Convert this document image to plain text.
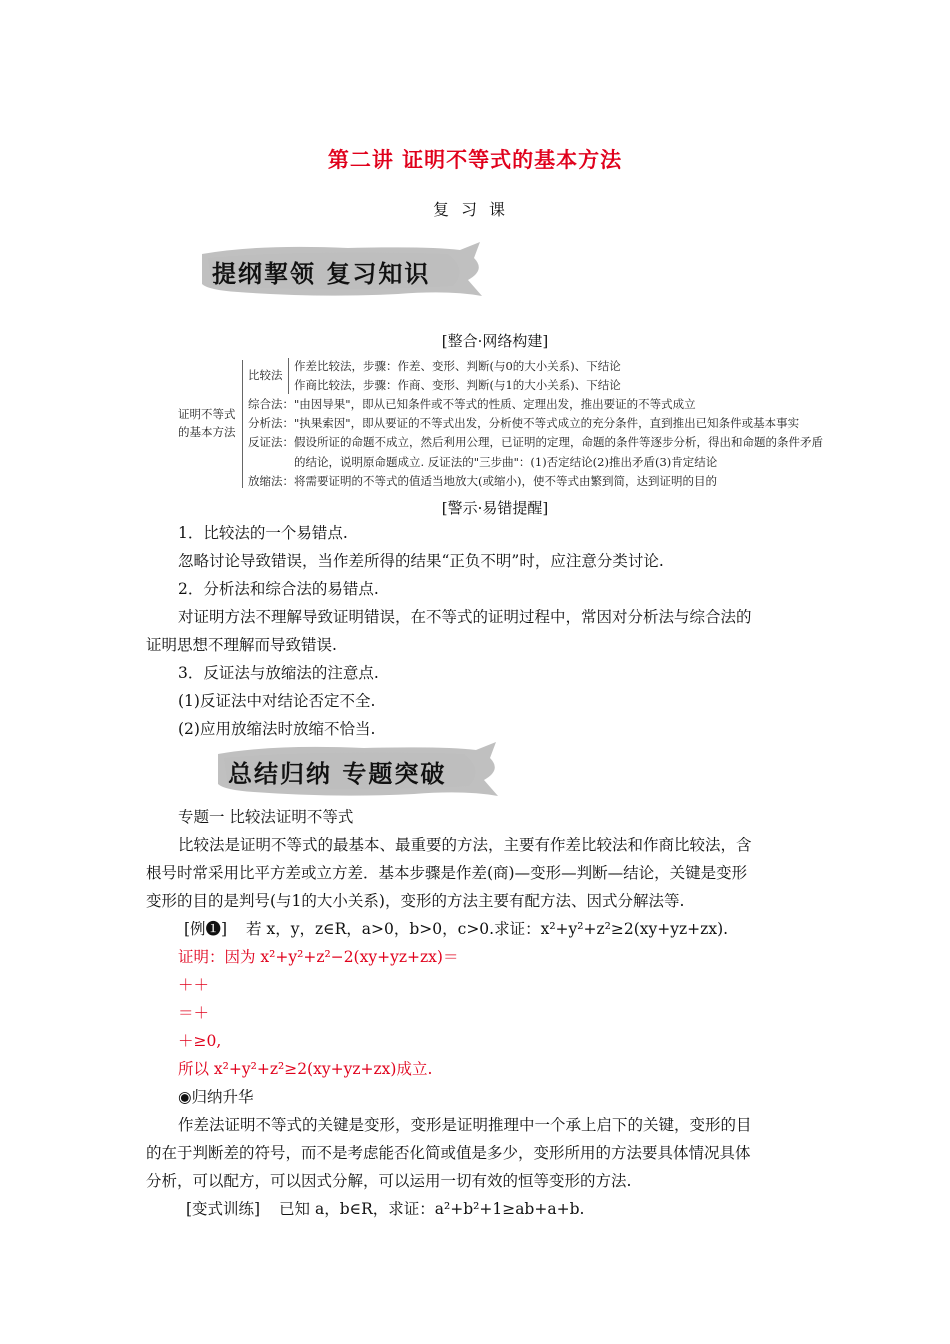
第二讲 证明不等式的基本方法
复习课
提纲挈领 复习知识
[整合·网络构建]
证明不等式
的基本方法
比较法
作差比较法，步骤：作差、变形、判断(与0的大小关系)、下结论
作商比较法，步骤：作商、变形、判断(与1的大小关系)、下结论
综合法："由因导果"，即从已知条件或不等式的性质、定理出发，推出要证的不等式成立
分析法："执果索因"，即从要证的不等式出发，分析使不等式成立的充分条件，直到推出已知条件或基本事实
反证法：假设所证的命题不成立，然后利用公理，已证明的定理，命题的条件等逐步分析，得出和命题的条件矛盾
的结论，说明原命题成立. 反证法的"三步曲"：(1)否定结论(2)推出矛盾(3)肯定结论
放缩法：将需要证明的不等式的值适当地放大(或缩小)，使不等式由繁到简，达到证明的目的
[警示·易错提醒]
1．比较法的一个易错点.
忽略讨论导致错误，当作差所得的结果“正负不明”时，应注意分类讨论.
2．分析法和综合法的易错点.
对证明方法不理解导致证明错误，在不等式的证明过程中，常因对分析法与综合法的
证明思想不理解而导致错误.
3．反证法与放缩法的注意点.
(1)反证法中对结论否定不全.
(2)应用放缩法时放缩不恰当.
总结归纳 专题突破
专题一 比较法证明不等式
比较法是证明不等式的最基本、最重要的方法，主要有作差比较法和作商比较法，含
根号时常采用比平方差或立方差．基本步骤是作差(商)—变形—判断—结论，关键是变形
变形的目的是判号(与1的大小关系)，变形的方法主要有配方法、因式分解法等.
[例❶] 若 x，y，z∈R，a>0，b>0，c>0.求证：x²+y²+z²≥2(xy+yz+zx).
证明：因为 x²+y²+z²−2(xy+yz+zx)＝
＋＋
＝＋
＋≥0,
所以 x²+y²+z²≥2(xy+yz+zx)成立.
◉归纳升华
作差法证明不等式的关键是变形，变形是证明推理中一个承上启下的关键，变形的目
的在于判断差的符号，而不是考虑能否化简或值是多少，变形所用的方法要具体情况具体
分析，可以配方，可以因式分解，可以运用一切有效的恒等变形的方法.
[变式训练] 已知 a，b∈R，求证：a²+b²+1≥ab+a+b.
